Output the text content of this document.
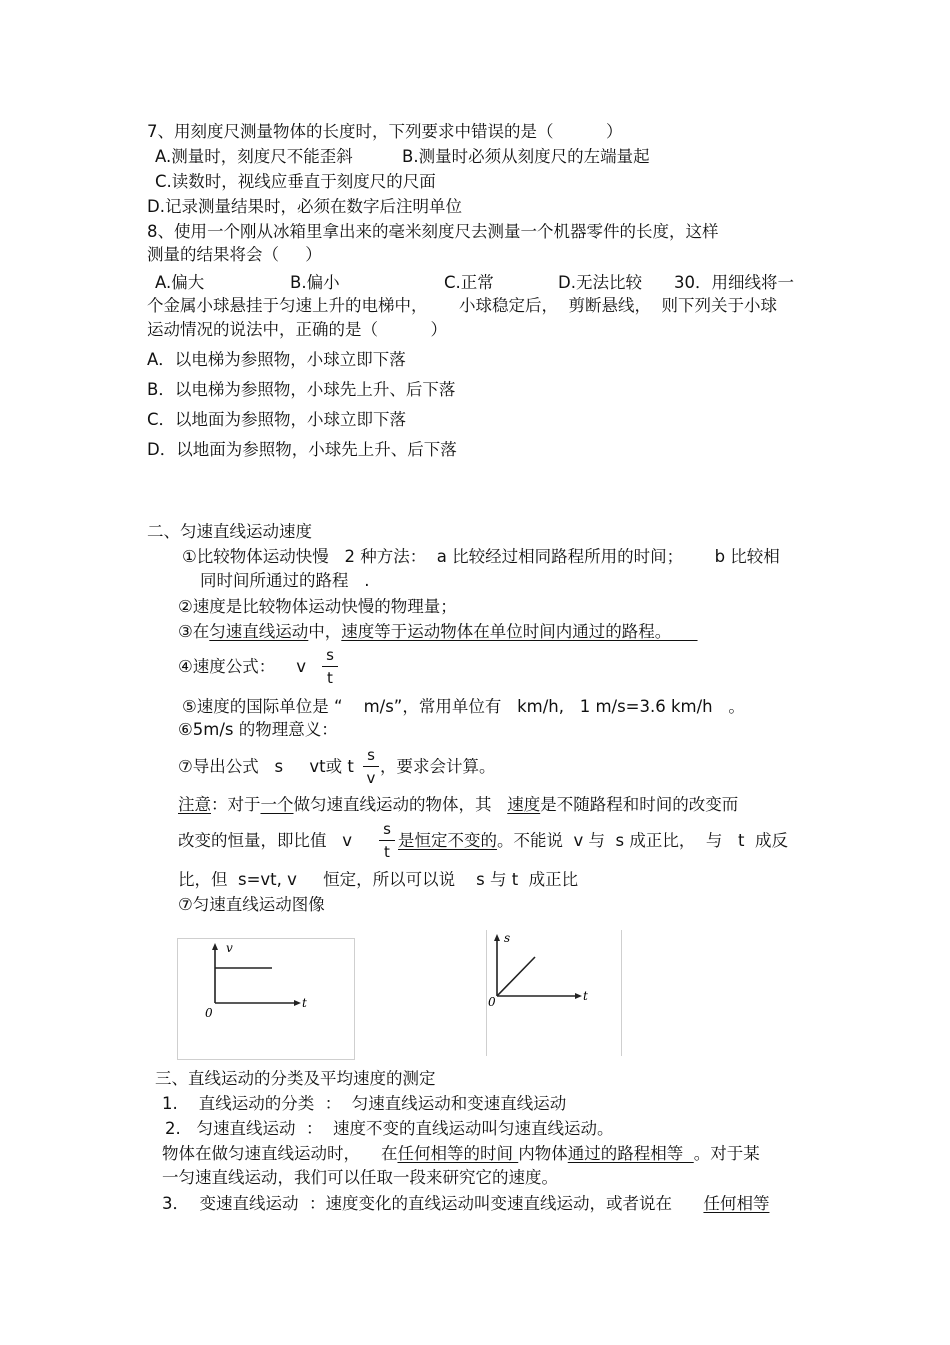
7、用刻度尺测量物体的长度时，下列要求中错误的是（          ）
A.测量时，刻度尺不能歪斜	B.测量时必须从刻度尺的左端量起
C.读数时，视线应垂直于刻度尺的尺面
D.记录测量结果时，必须在数字后注明单位
8、使用一个刚从冰箱里拿出来的毫米刻度尺去测量一个机器零件的长度，这样
测量的结果将会（     ）
A.偏大	B.偏小	C.正常	D.无法比较 30．用细线将一
个金属小球悬挂于匀速上升的电梯中，      小球稳定后，  剪断悬线，  则下列关于小球
运动情况的说法中，正确的是（          ）
A．以电梯为参照物，小球立即下落
B．以电梯为参照物，小球先上升、后下落
C．以地面为参照物，小球立即下落
D．以地面为参照物，小球先上升、后下落
二、匀速直线运动速度
①比较物体运动快慢   2 种方法：  a 比较经过相同路程所用的时间；      b 比较相
同时间所通过的路程   .
②速度是比较物体运动快慢的物理量；
③在匀速直线运动中，速度等于运动物体在单位时间内通过的路程。
④速度公式：    v
s
t
⑤速度的国际单位是 “    m/s”，常用单位有   km/h,   1 m/s=3.6 km/h   。
⑥5m/s 的物理意义：
⑦导出公式   s     vt或 t
s
v
，要求会计算。
注意：对于一个做匀速直线运动的物体，其   速度是不随路程和时间的改变而
改变的恒量，即比值   v
s
t
是恒定不变的。不能说  v 与  s 成正比，  与   t  成反
比，但  s=vt, v     恒定，所以可以说    s 与 t  成正比
⑦匀速直线运动图像
v
t
0
s
t
0
三、直线运动的分类及平均速度的测定
1.    直线运动的分类  ：  匀速直线运动和变速直线运动
2.   匀速直线运动  ：  速度不变的直线运动叫匀速直线运动。
物体在做匀速直线运动时，    在任何相等的时间 内物体通过的路程相等  。对于某
一匀速直线运动，我们可以任取一段来研究它的速度。
3．  变速直线运动  ：速度变化的直线运动叫变速直线运动，或者说在      任何相等
